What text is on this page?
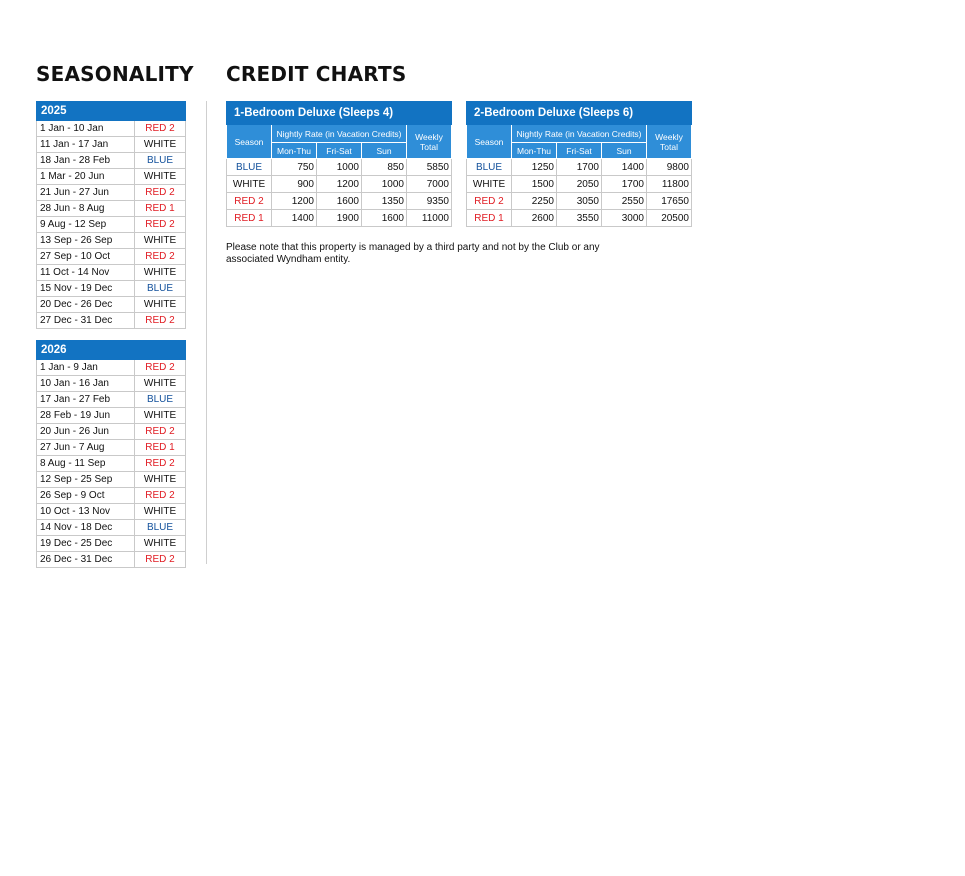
SEASONALITY CREDIT CHARTS
2025	
1 Jan - 10 Jan	RED 2
11 Jan - 17 Jan	WHITE
18 Jan - 28 Feb	BLUE
1 Mar - 20 Jun	WHITE
21 Jun - 27 Jun	RED 2
28 Jun - 8 Aug	RED 1
9 Aug - 12 Sep	RED 2
13 Sep - 26 Sep	WHITE
27 Sep - 10 Oct	RED 2
11 Oct - 14 Nov	WHITE
15 Nov - 19 Dec	BLUE
20 Dec - 26 Dec	WHITE
27 Dec - 31 Dec	RED 2
2026	
1 Jan - 9 Jan	RED 2
10 Jan - 16 Jan	WHITE
17 Jan - 27 Feb	BLUE
28 Feb - 19 Jun	WHITE
20 Jun - 26 Jun	RED 2
27 Jun - 7 Aug	RED 1
8 Aug - 11 Sep	RED 2
12 Sep - 25 Sep	WHITE
26 Sep - 9 Oct	RED 2
10 Oct - 13 Nov	WHITE
14 Nov - 18 Dec	BLUE
19 Dec - 25 Dec	WHITE
26 Dec - 31 Dec	RED 2
1-Bedroom Deluxe (Sleeps 4)				
Season	Nightly Rate (in Vacation Credits)			Weekly Total
	Mon-Thu	Fri-Sat	Sun	
BLUE	750	1000	850	5850
WHITE	900	1200	1000	7000
RED 2	1200	1600	1350	9350
RED 1	1400	1900	1600	11000
2-Bedroom Deluxe (Sleeps 6)				
Season	Nightly Rate (in Vacation Credits)			Weekly Total
	Mon-Thu	Fri-Sat	Sun	
BLUE	1250	1700	1400	9800
WHITE	1500	2050	1700	11800
RED 2	2250	3050	2550	17650
RED 1	2600	3550	3000	20500

Please note that this property is managed by a third party and not by the Club or any associated Wyndham entity.
